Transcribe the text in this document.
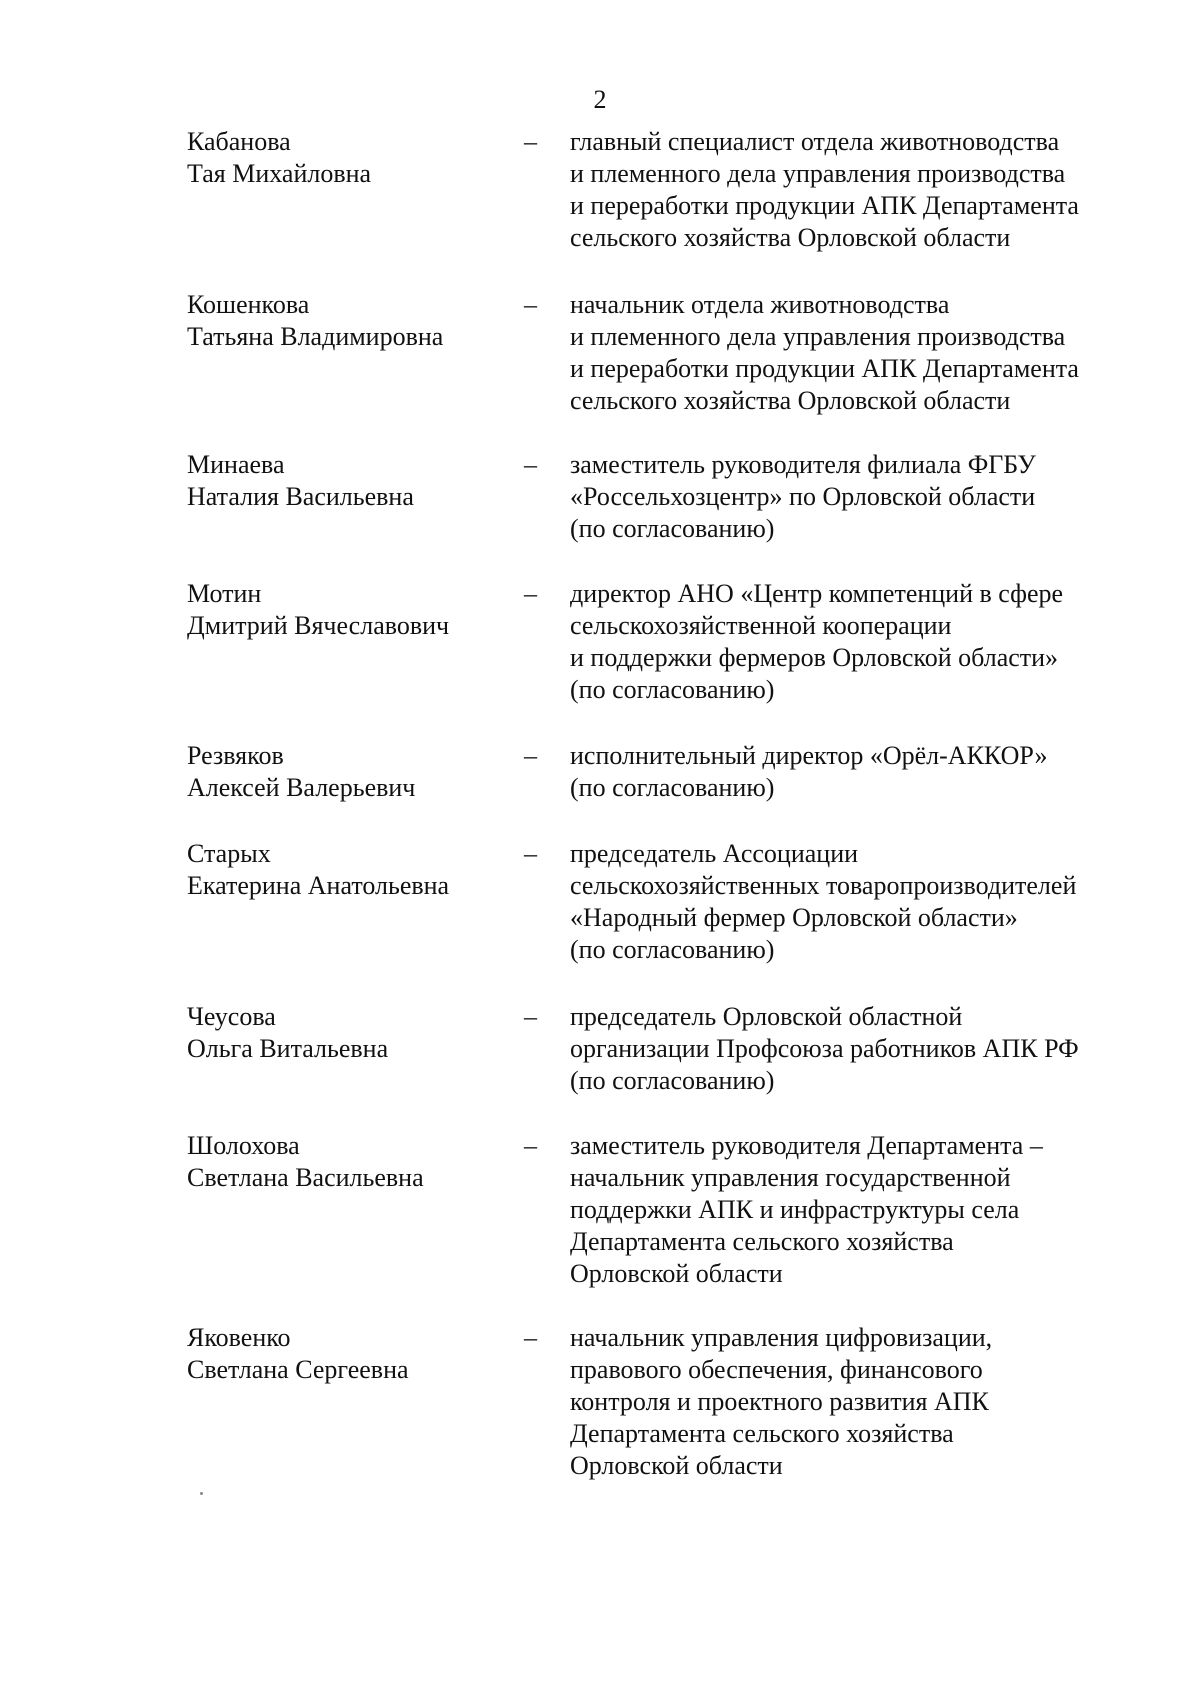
2
Кабанова
Тая Михайловна
– главный специалист отдела животноводства
и племенного дела управления производства
и переработки продукции АПК Департамента
сельского хозяйства Орловской области
Кошенкова
Татьяна Владимировна
– начальник отдела животноводства
и племенного дела управления производства
и переработки продукции АПК Департамента
сельского хозяйства Орловской области
Минаева
Наталия Васильевна
– заместитель руководителя филиала ФГБУ
«Россельхозцентр» по Орловской области
(по согласованию)
Мотин
Дмитрий Вячеславович
– директор АНО «Центр компетенций в сфере
сельскохозяйственной кооперации
и поддержки фермеров Орловской области»
(по согласованию)
Резвяков
Алексей Валерьевич
– исполнительный директор «Орёл-АККОР»
(по согласованию)
Старых
Екатерина Анатольевна
– председатель Ассоциации
сельскохозяйственных товаропроизводителей
«Народный фермер Орловской области»
(по согласованию)
Чеусова
Ольга Витальевна
– председатель Орловской областной
организации Профсоюза работников АПК РФ
(по согласованию)
Шолохова
Светлана Васильевна
– заместитель руководителя Департамента –
начальник управления государственной
поддержки АПК и инфраструктуры села
Департамента сельского хозяйства
Орловской области
Яковенко
Светлана Сергеевна
– начальник управления цифровизации,
правового обеспечения, финансового
контроля и проектного развития АПК
Департамента сельского хозяйства
Орловской области
